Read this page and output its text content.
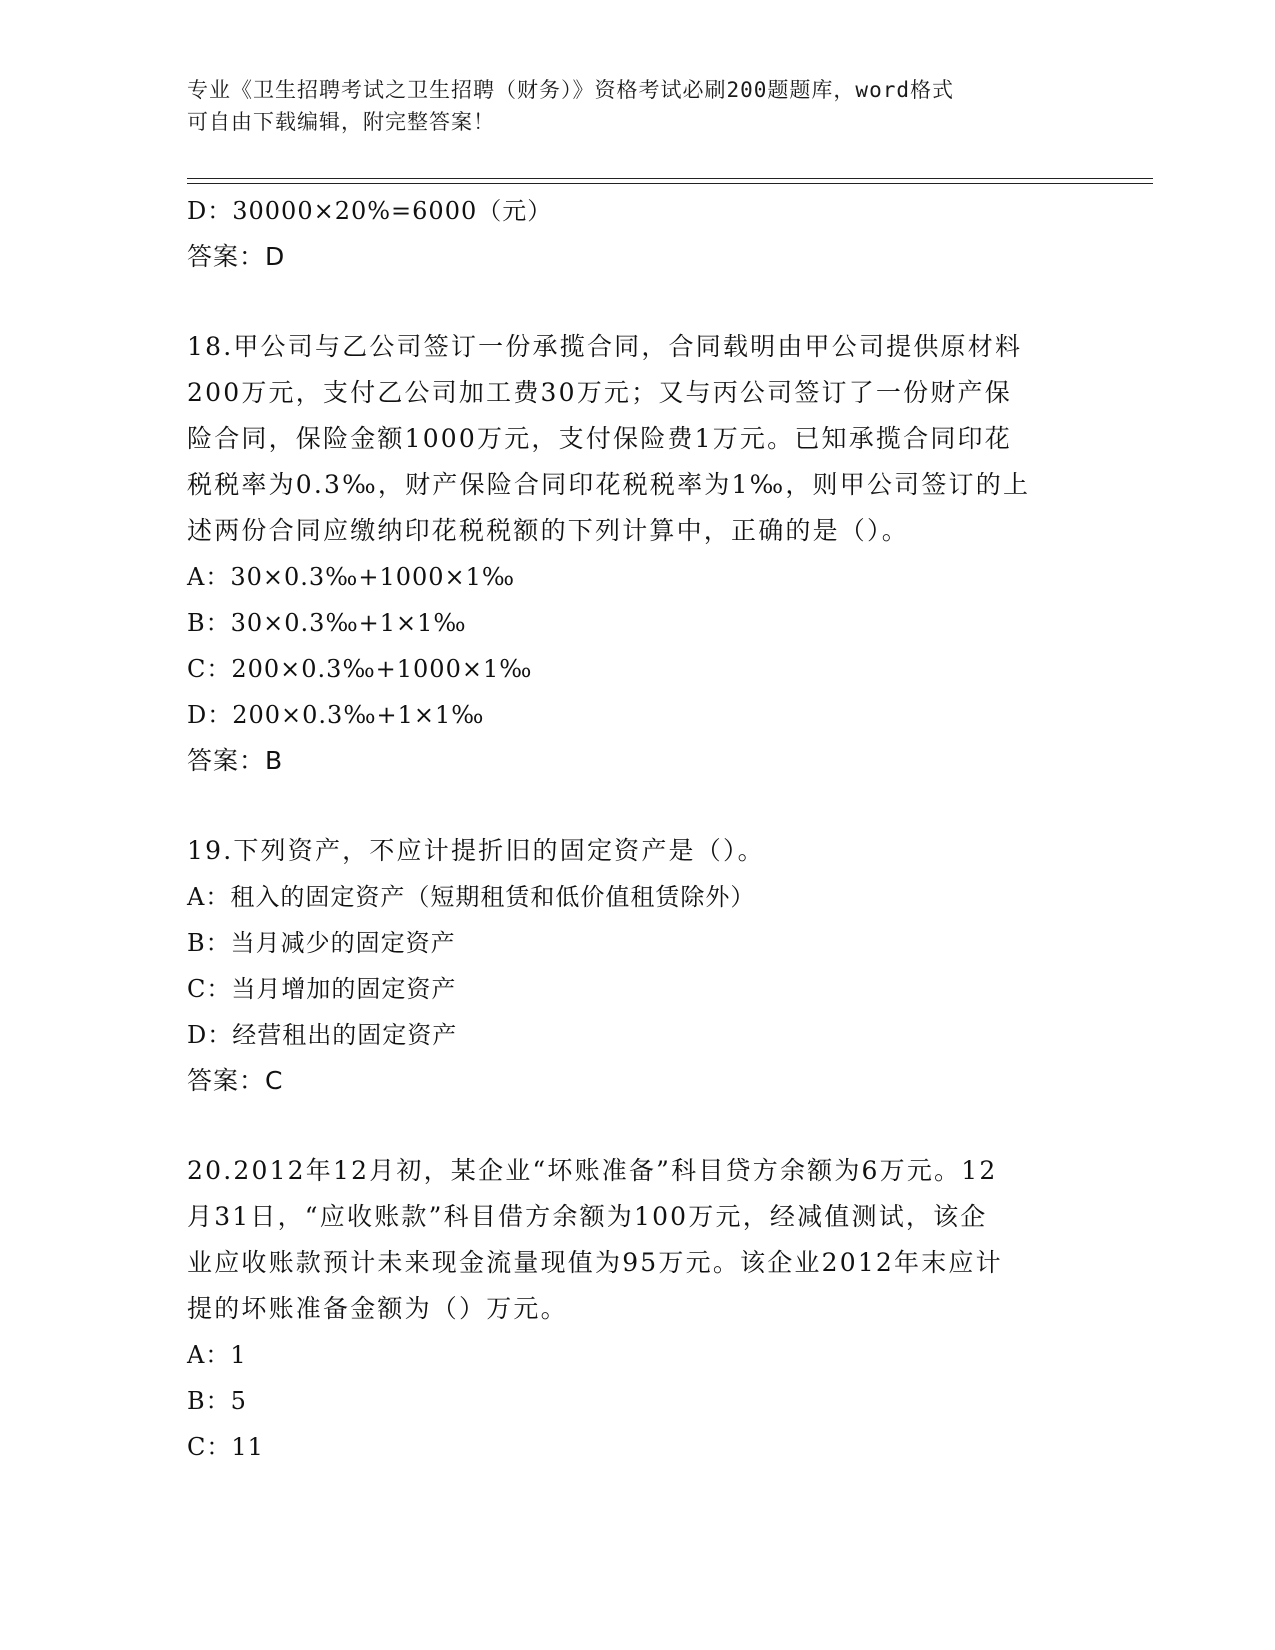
专业《卫生招聘考试之卫生招聘（财务）》资格考试必刷200题题库，word格式
可自由下载编辑，附完整答案！
D：30000×20%=6000（元）
答案：D
18.甲公司与乙公司签订一份承揽合同，合同载明由甲公司提供原材料
200万元，支付乙公司加工费30万元；又与丙公司签订了一份财产保
险合同，保险金额1000万元，支付保险费1万元。已知承揽合同印花
税税率为0.3‰，财产保险合同印花税税率为1‰，则甲公司签订的上
述两份合同应缴纳印花税税额的下列计算中，正确的是（）。
A：30×0.3‰+1000×1‰
B：30×0.3‰+1×1‰
C：200×0.3‰+1000×1‰
D：200×0.3‰+1×1‰
答案：B
19.下列资产，不应计提折旧的固定资产是（）。
A：租入的固定资产（短期租赁和低价值租赁除外）
B：当月减少的固定资产
C：当月增加的固定资产
D：经营租出的固定资产
答案：C
20.2012年12月初，某企业“坏账准备”科目贷方余额为6万元。12
月31日，“应收账款”科目借方余额为100万元，经减值测试，该企
业应收账款预计未来现金流量现值为95万元。该企业2012年末应计
提的坏账准备金额为（）万元。
A：1
B：5
C：11
